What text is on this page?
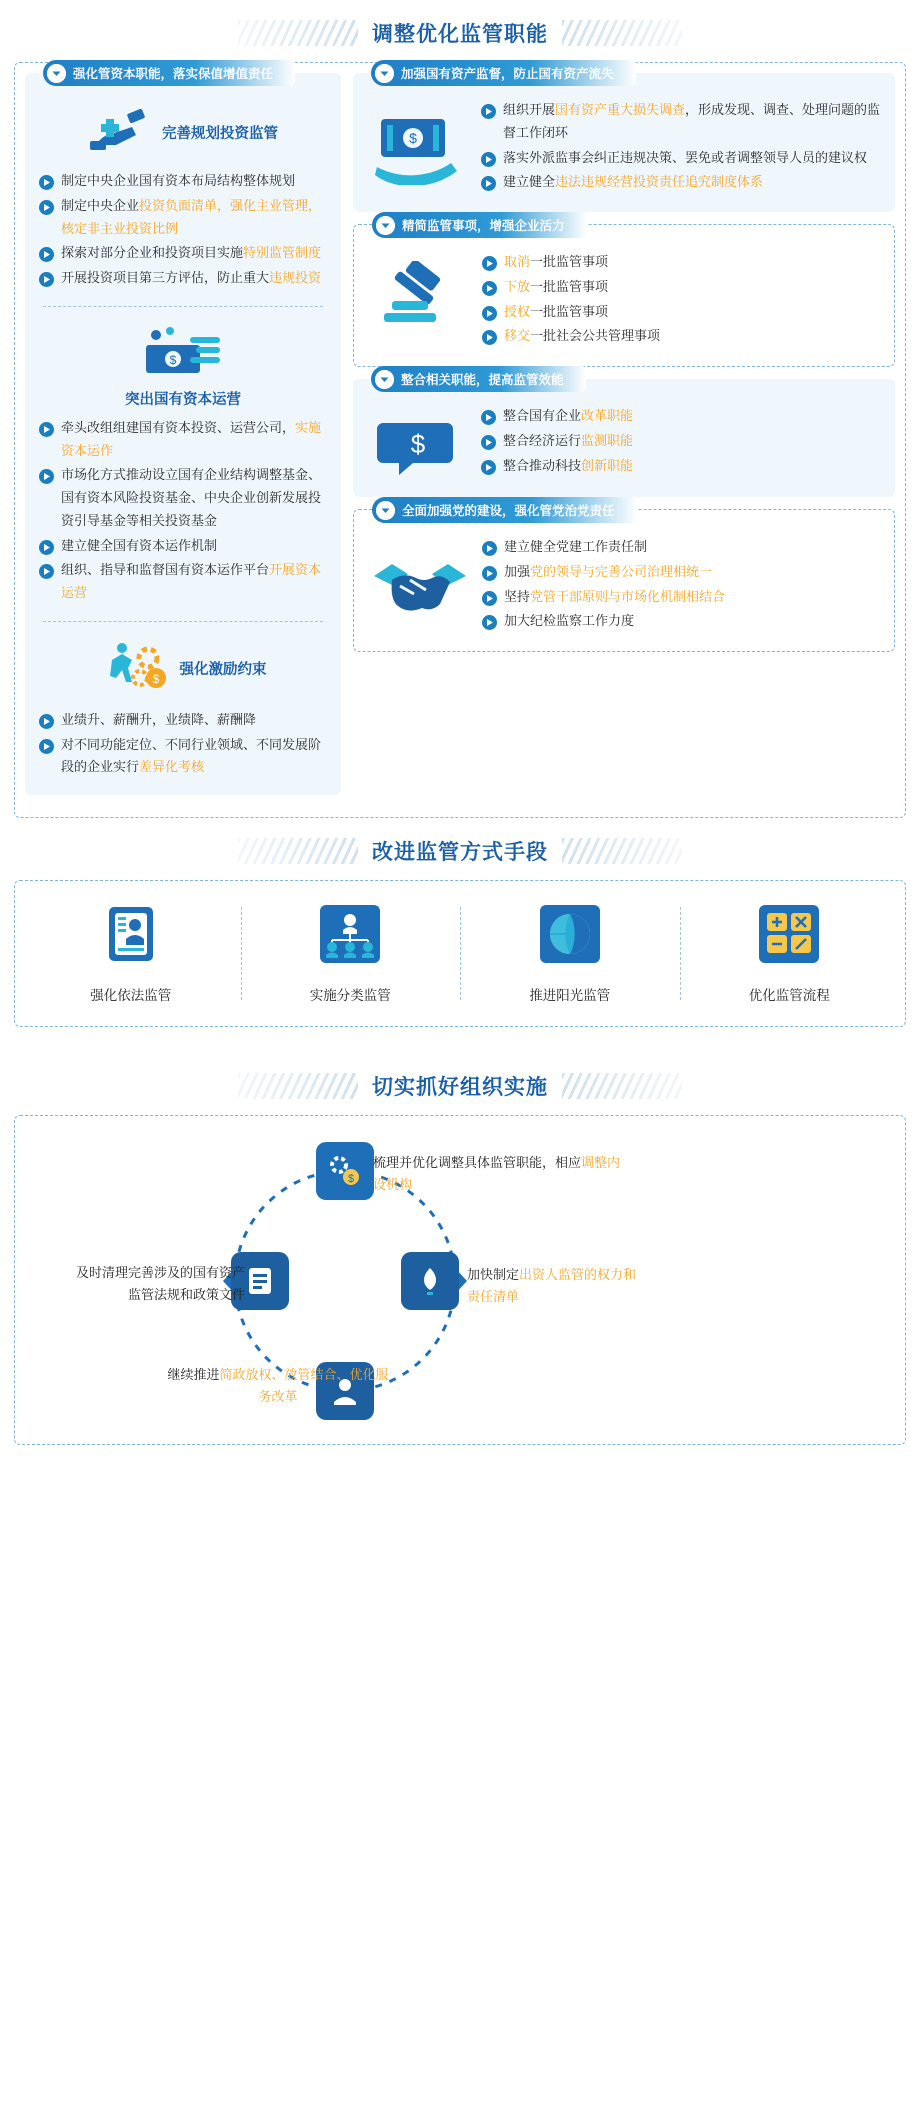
调整优化监管职能
强化管资本职能，落实保值增值责任
完善规划投资监管
制定中央企业国有资本布局结构整体规划
制定中央企业投资负面清单，强化主业管理，核定非主业投资比例
探索对部分企业和投资项目实施特别监管制度
开展投资项目第三方评估，防止重大违规投资
$
突出国有资本运营
牵头改组组建国有资本投资、运营公司，实施资本运作
市场化方式推动设立国有企业结构调整基金、国有资本风险投资基金、中央企业创新发展投资引导基金等相关投资基金
建立健全国有资本运作机制
组织、指导和监督国有资本运作平台开展资本运营
$
强化激励约束
业绩升、薪酬升，业绩降、薪酬降
对不同功能定位、不同行业领域、不同发展阶段的企业实行差异化考核
加强国有资产监督，防止国有资产流失
$
组织开展国有资产重大损失调查，形成发现、调查、处理问题的监督工作闭环
落实外派监事会纠正违规决策、罢免或者调整领导人员的建议权
建立健全违法违规经营投资责任追究制度体系
精简监管事项，增强企业活力
取消一批监管事项
下放一批监管事项
授权一批监管事项
移交一批社会公共管理事项
整合相关职能，提高监管效能
$
整合国有企业改革职能
整合经济运行监测职能
整合推动科技创新职能
全面加强党的建设，强化管党治党责任
建立健全党建工作责任制
加强党的领导与完善公司治理相统一
坚持党管干部原则与市场化机制相结合
加大纪检监察工作力度
改进监管方式手段
强化依法监管	实施分类监管	推进阳光监管	优化监管流程
切实抓好组织实施
$
梳理并优化调整具体监管职能，相应调整内设机构
加快制定出资人监管的权力和责任清单
继续推进简政放权、放管结合、优化服务改革
及时清理完善涉及的国有资产监管法规和政策文件
